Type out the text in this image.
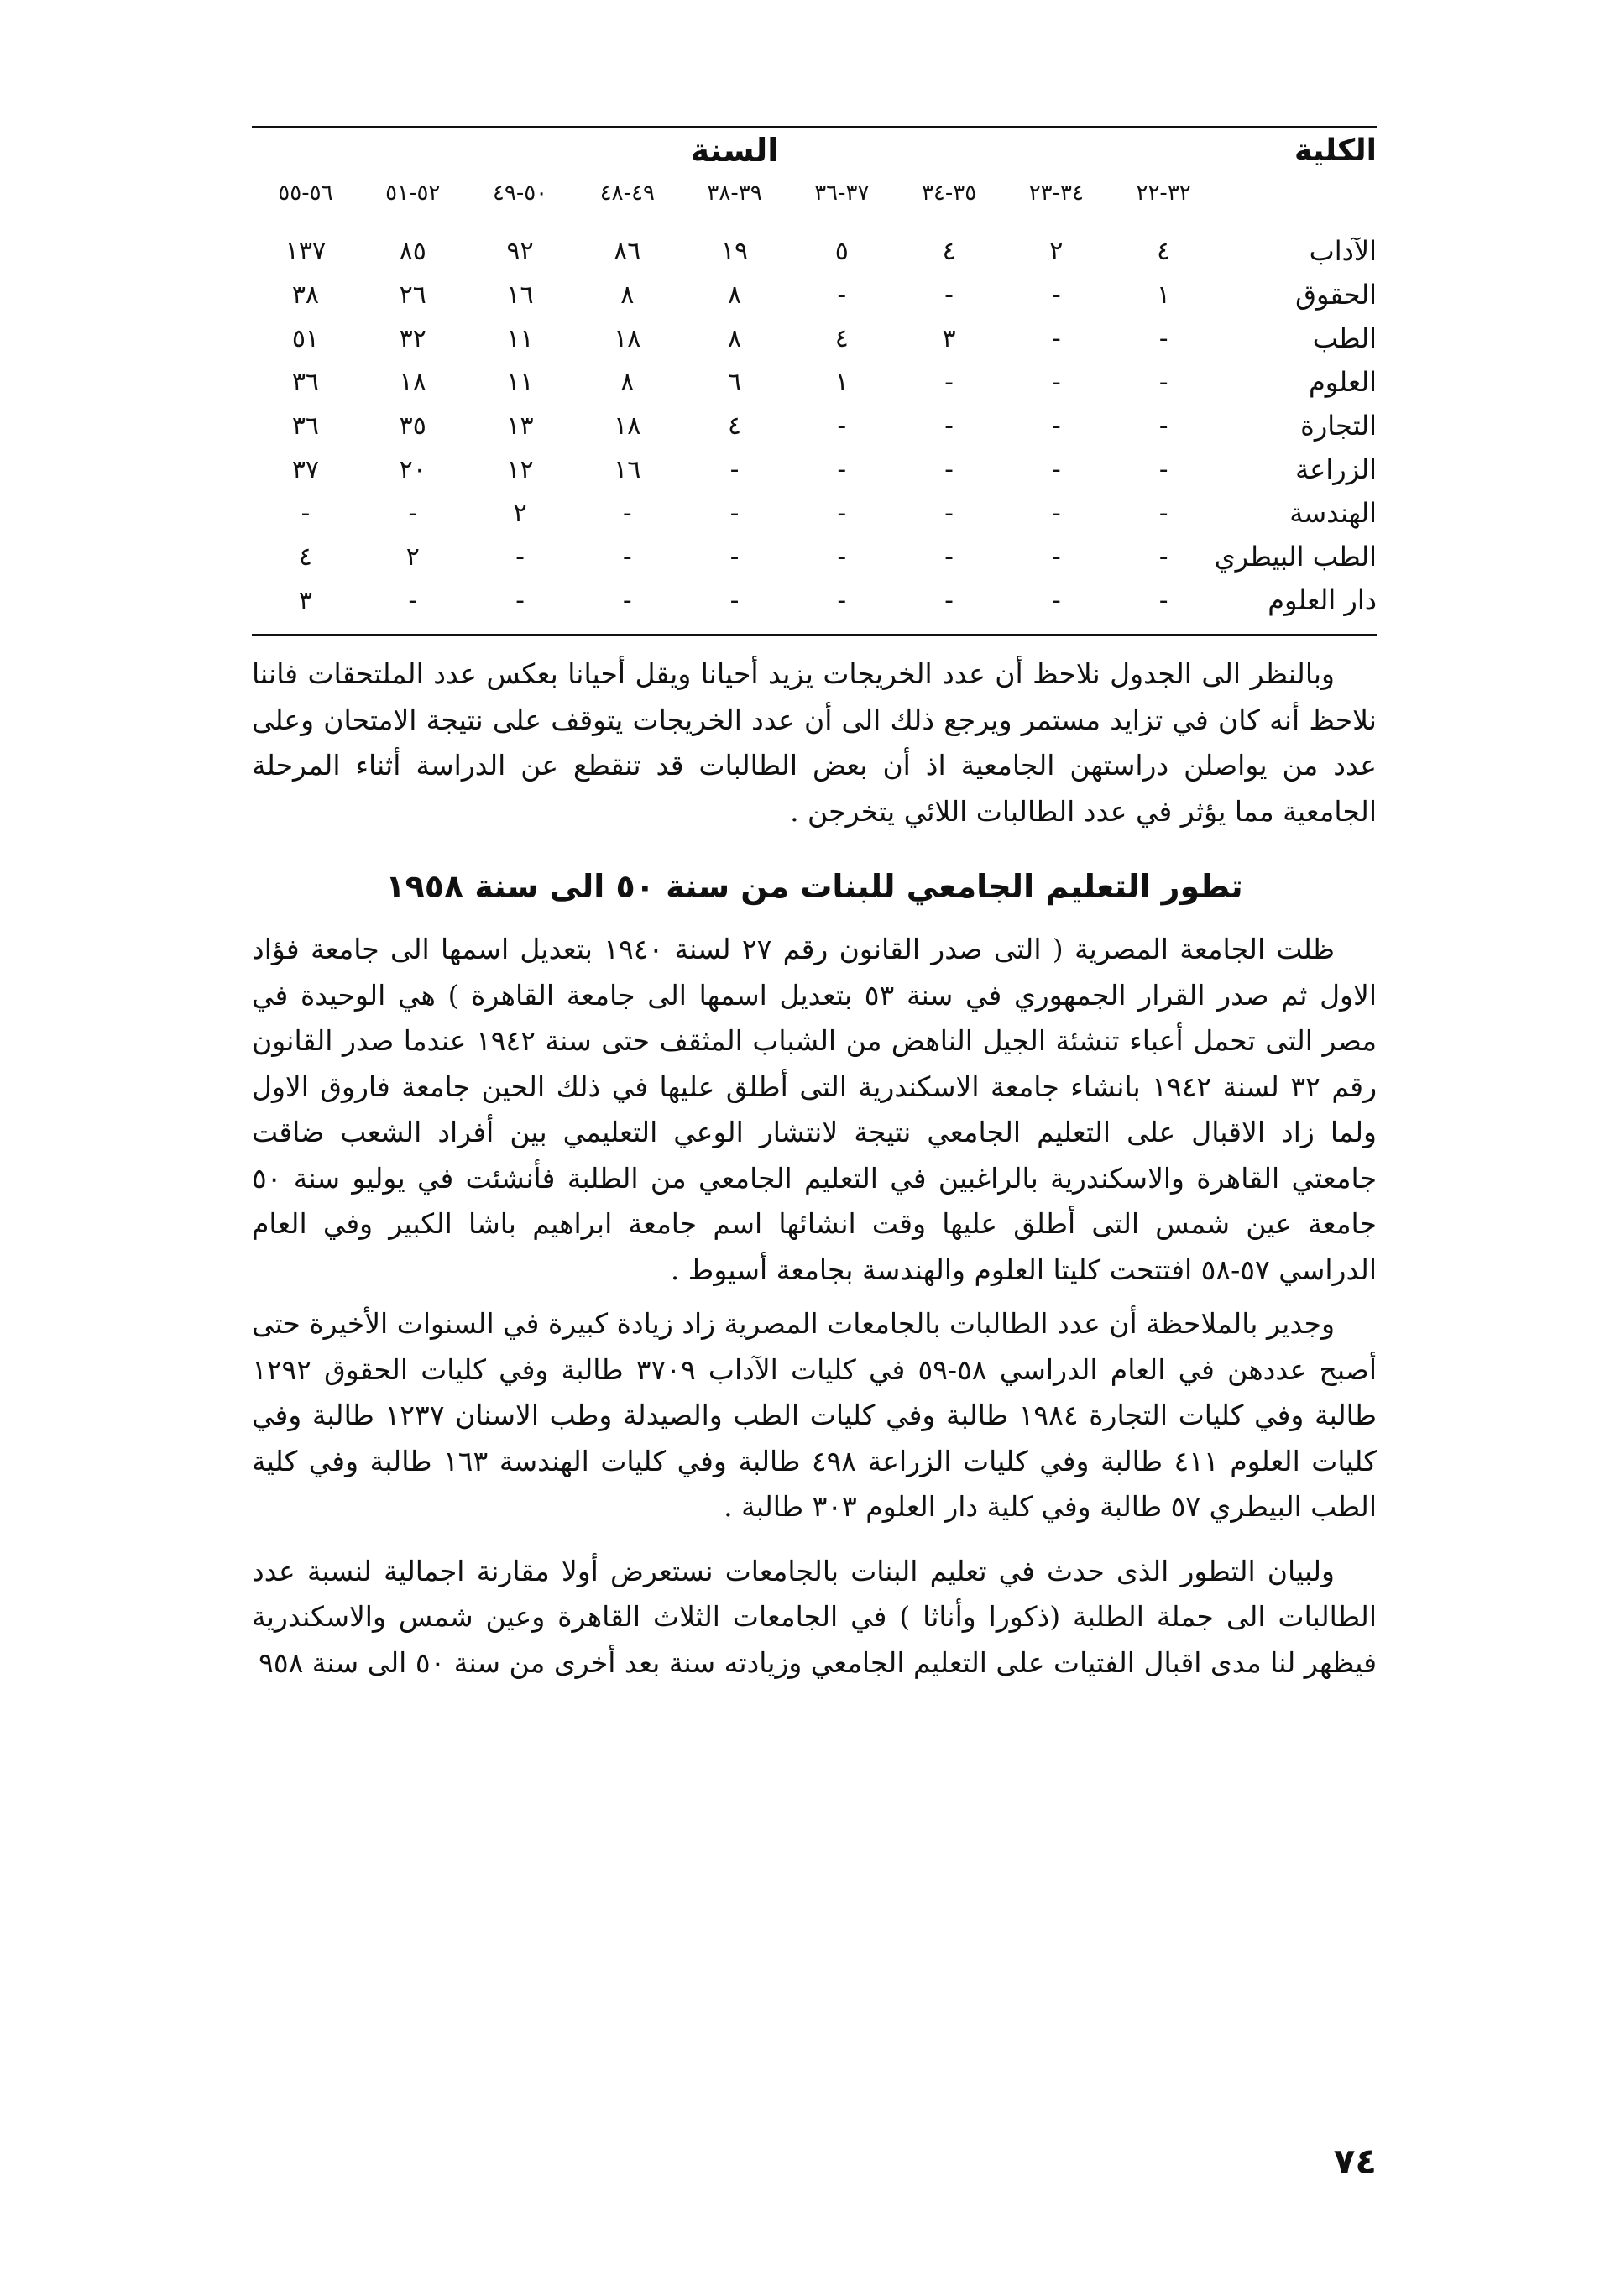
الكلية	السنة								
	٣٢-٢٢	٣٤-٢٣	٣٥-٣٤	٣٧-٣٦	٣٩-٣٨	٤٩-٤٨	٥٠-٤٩	٥٢-٥١	٥٦-٥٥
الآداب	٤	٢	٤	٥	١٩	٨٦	٩٢	٨٥	١٣٧
الحقوق	١	-	-	-	٨	٨	١٦	٢٦	٣٨
الطب	-	-	٣	٤	٨	١٨	١١	٣٢	٥١
العلوم	-	-	-	١	٦	٨	١١	١٨	٣٦
التجارة	-	-	-	-	٤	١٨	١٣	٣٥	٣٦
الزراعة	-	-	-	-	-	١٦	١٢	٢٠	٣٧
الهندسة	-	-	-	-	-	-	٢	-	-
الطب البيطري	-	-	-	-	-	-	-	٢	٤
دار العلوم	-	-	-	-	-	-	-	-	٣

وبالنظر الى الجدول نلاحظ أن عدد الخريجات يزيد أحيانا ويقل أحيانا بعكس عدد الملتحقات فاننا نلاحظ أنه كان في تزايد مستمر ويرجع ذلك الى أن عدد الخريجات يتوقف على نتيجة الامتحان وعلى عدد من يواصلن دراستهن الجامعية اذ أن بعض الطالبات قد تنقطع عن الدراسة أثناء المرحلة الجامعية مما يؤثر في عدد الطالبات اللائي يتخرجن .

تطور التعليم الجامعي للبنات من سنة ٥٠ الى سنة ١٩٥٨

ظلت الجامعة المصرية ( التى صدر القانون رقم ٢٧ لسنة ١٩٤٠ بتعديل اسمها الى جامعة فؤاد الاول ثم صدر القرار الجمهوري في سنة ٥٣ بتعديل اسمها الى جامعة القاهرة ) هي الوحيدة في مصر التى تحمل أعباء تنشئة الجيل الناهض من الشباب المثقف حتى سنة ١٩٤٢ عندما صدر القانون رقم ٣٢ لسنة ١٩٤٢ بانشاء جامعة الاسكندرية التى أطلق عليها في ذلك الحين جامعة فاروق الاول ولما زاد الاقبال على التعليم الجامعي نتيجة لانتشار الوعي التعليمي بين أفراد الشعب ضاقت جامعتي القاهرة والاسكندرية بالراغبين في التعليم الجامعي من الطلبة فأنشئت في يوليو سنة ٥٠ جامعة عين شمس التى أطلق عليها وقت انشائها اسم جامعة ابراهيم باشا الكبير وفي العام الدراسي ٥٧-٥٨ افتتحت كليتا العلوم والهندسة بجامعة أسيوط .

وجدير بالملاحظة أن عدد الطالبات بالجامعات المصرية زاد زيادة كبيرة في السنوات الأخيرة حتى أصبح عددهن في العام الدراسي ٥٨-٥٩ في كليات الآداب ٣٧٠٩ طالبة وفي كليات الحقوق ١٢٩٢ طالبة وفي كليات التجارة ١٩٨٤ طالبة وفي كليات الطب والصيدلة وطب الاسنان ١٢٣٧ طالبة وفي كليات العلوم ٤١١ طالبة وفي كليات الزراعة ٤٩٨ طالبة وفي كليات الهندسة ١٦٣ طالبة وفي كلية الطب البيطري ٥٧ طالبة وفي كلية دار العلوم ٣٠٣ طالبة .

ولبيان التطور الذى حدث في تعليم البنات بالجامعات نستعرض أولا مقارنة اجمالية لنسبة عدد الطالبات الى جملة الطلبة (ذكورا وأناثا ) في الجامعات الثلاث القاهرة وعين شمس والاسكندرية فيظهر لنا مدى اقبال الفتيات على التعليم الجامعي وزيادته سنة بعد أخرى من سنة ٥٠ الى سنة ٩٥٨

٧٤
